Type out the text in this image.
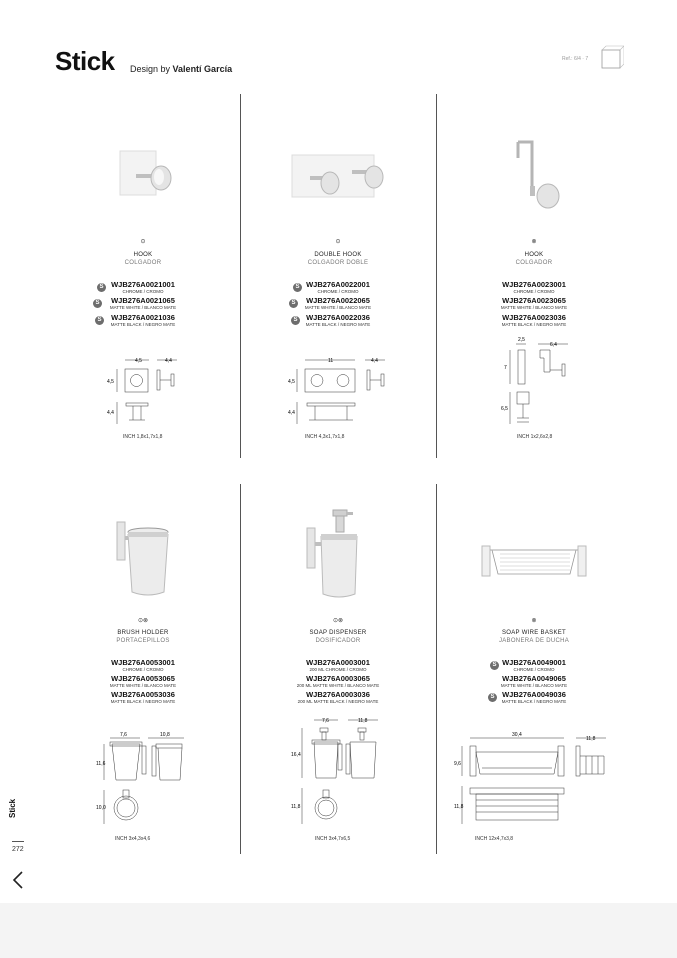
Stick Design by Valentí García
Ref.: 6/4 · 7
⊙
HOOK
COLGADOR
WJB276A0021001
CHROME / CROMO
S
WJB276A0021065
MATTE WHITE / BLANCO MATE
S
WJB276A0021036
MATTE BLACK / NEGRO MATE
S
4,5	4,4
4,5
4,4
INCH 1,8x1,7x1,8
⊙
DOUBLE HOOK
COLGADOR DOBLE
WJB276A0022001
CHROME / CROMO
S
WJB276A0022065
MATTE WHITE / BLANCO MATE
S
WJB276A0022036
MATTE BLACK / NEGRO MATE
S
11	4,4
4,5
4,4
INCH 4,3x1,7x1,8
⊗
HOOK
COLGADOR
WJB276A0023001
CHROME / CROMO
WJB276A0023065
MATTE WHITE / BLANCO MATE
WJB276A0023036
MATTE BLACK / NEGRO MATE
2,5
6,4
7
6,5
INCH 1x2,6x2,8
⊙⊗
BRUSH HOLDER
PORTACEPILLOS
WJB276A0053001
CHROME / CROMO
WJB276A0053065
MATTE WHITE / BLANCO MATE
WJB276A0053036
MATTE BLACK / NEGRO MATE
7,6	10,8
11,6
10,0
INCH 3x4,3x4,6
⊙⊗
SOAP DISPENSER
DOSIFICADOR
WJB276A0003001
200 ML CHROME / CROMO
WJB276A0003065
200 ML MATTE WHITE / BLANCO MATE
WJB276A0003036
200 ML MATTE BLACK / NEGRO MATE
7,6	11,8
16,4
11,8
INCH 3x4,7x6,5
⊗
SOAP WIRE BASKET
JABONERA DE DUCHA
WJB276A0049001
CHROME / CROMO
S
WJB276A0049065
MATTE WHITE / BLANCO MATE
WJB276A0049036
MATTE BLACK / NEGRO MATE
S
30,4
11,8
9,6
11,8
INCH 12x4,7x3,8
Stick
272
